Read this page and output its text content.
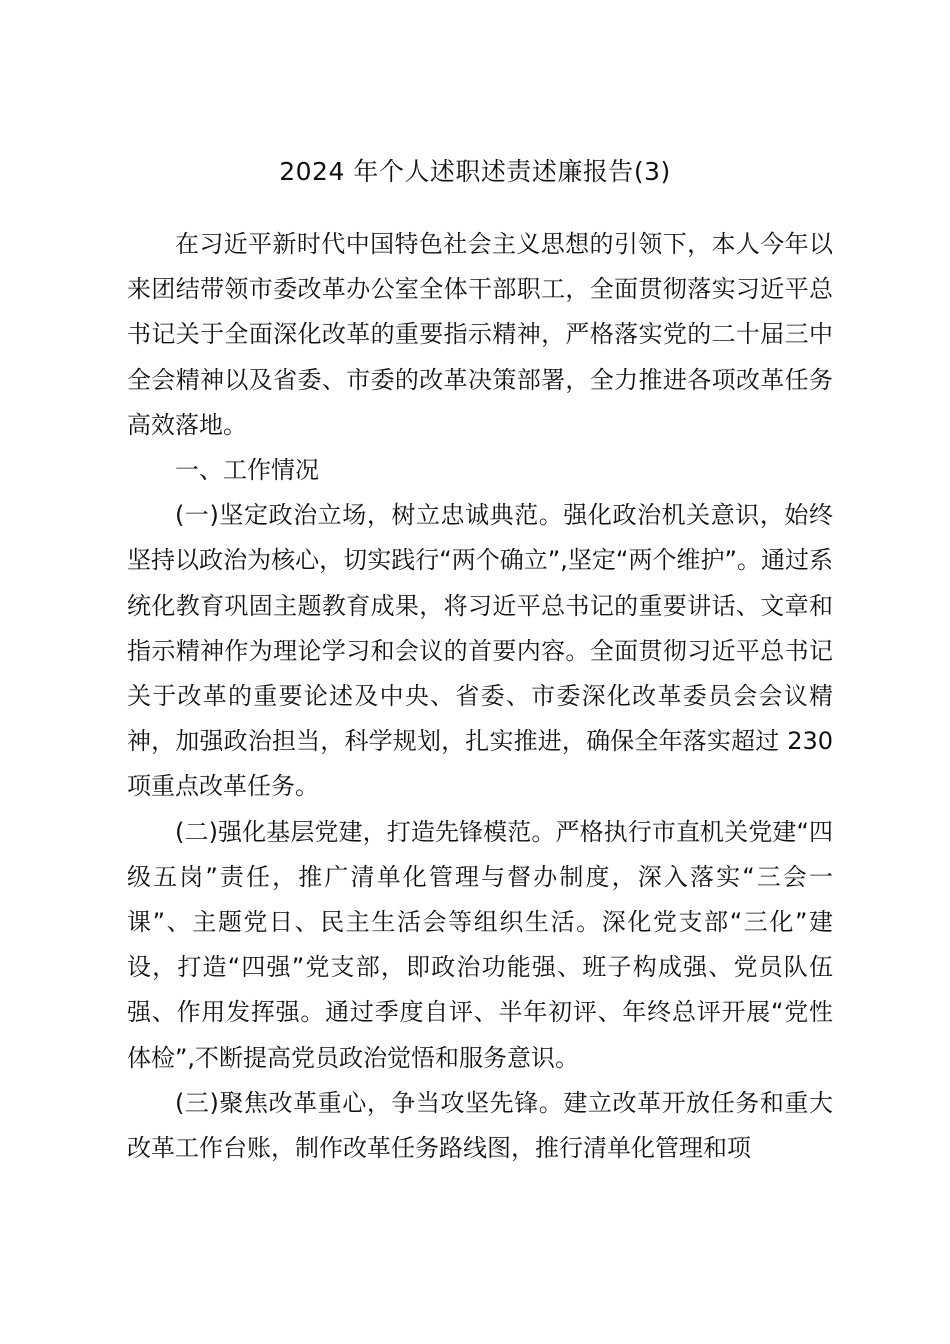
2024 年个人述职述责述廉报告(3)

在习近平新时代中国特色社会主义思想的引领下，本人今年以来团结带领市委改革办公室全体干部职工，全面贯彻落实习近平总书记关于全面深化改革的重要指示精神，严格落实党的二十届三中全会精神以及省委、市委的改革决策部署，全力推进各项改革任务高效落地。

一、工作情况

(一)坚定政治立场，树立忠诚典范。强化政治机关意识，始终坚持以政治为核心，切实践行“两个确立”,坚定“两个维护”。通过系统化教育巩固主题教育成果，将习近平总书记的重要讲话、文章和指示精神作为理论学习和会议的首要内容。全面贯彻习近平总书记关于改革的重要论述及中央、省委、市委深化改革委员会会议精神，加强政治担当，科学规划，扎实推进，确保全年落实超过 230 项重点改革任务。

(二)强化基层党建，打造先锋模范。严格执行市直机关党建“四级五岗”责任，推广清单化管理与督办制度，深入落实“三会一课”、主题党日、民主生活会等组织生活。深化党支部“三化”建设，打造“四强”党支部，即政治功能强、班子构成强、党员队伍强、作用发挥强。通过季度自评、半年初评、年终总评开展“党性体检”,不断提高党员政治觉悟和服务意识。

(三)聚焦改革重心，争当攻坚先锋。建立改革开放任务和重大改革工作台账，制作改革任务路线图，推行清单化管理和项
